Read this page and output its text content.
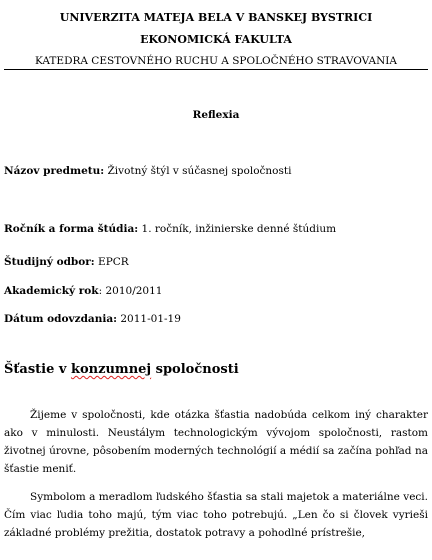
UNIVERZITA MATEJA BELA V BANSKEJ BYSTRICI
EKONOMICKÁ FAKULTA
KATEDRA CESTOVNÉHO RUCHU A SPOLOČNÉHO STRAVOVANIA
Reflexia
Názov predmetu: Životný štýl v súčasnej spoločnosti
Ročník a forma štúdia: 1. ročník, inžinierske denné štúdium
Študijný odbor: EPCR
Akademický rok: 2010/2011
Dátum odovzdania: 2011-01-19
Šťastie v konzumnej spoločnosti
Žijeme v spoločnosti, kde otázka šťastia nadobúda celkom iný charakter ako v minulosti. Neustálym technologickým vývojom spoločnosti, rastom životnej úrovne, pôsobením moderných technológií a médií sa začína pohľad na šťastie meniť.
Symbolom a meradlom ľudského šťastia sa stali majetok a materiálne veci. Čím viac ľudia toho majú, tým viac toho potrebujú. „Len čo si človek vyrieši základné problémy prežitia, dostatok potravy a pohodlné prístrešie,
